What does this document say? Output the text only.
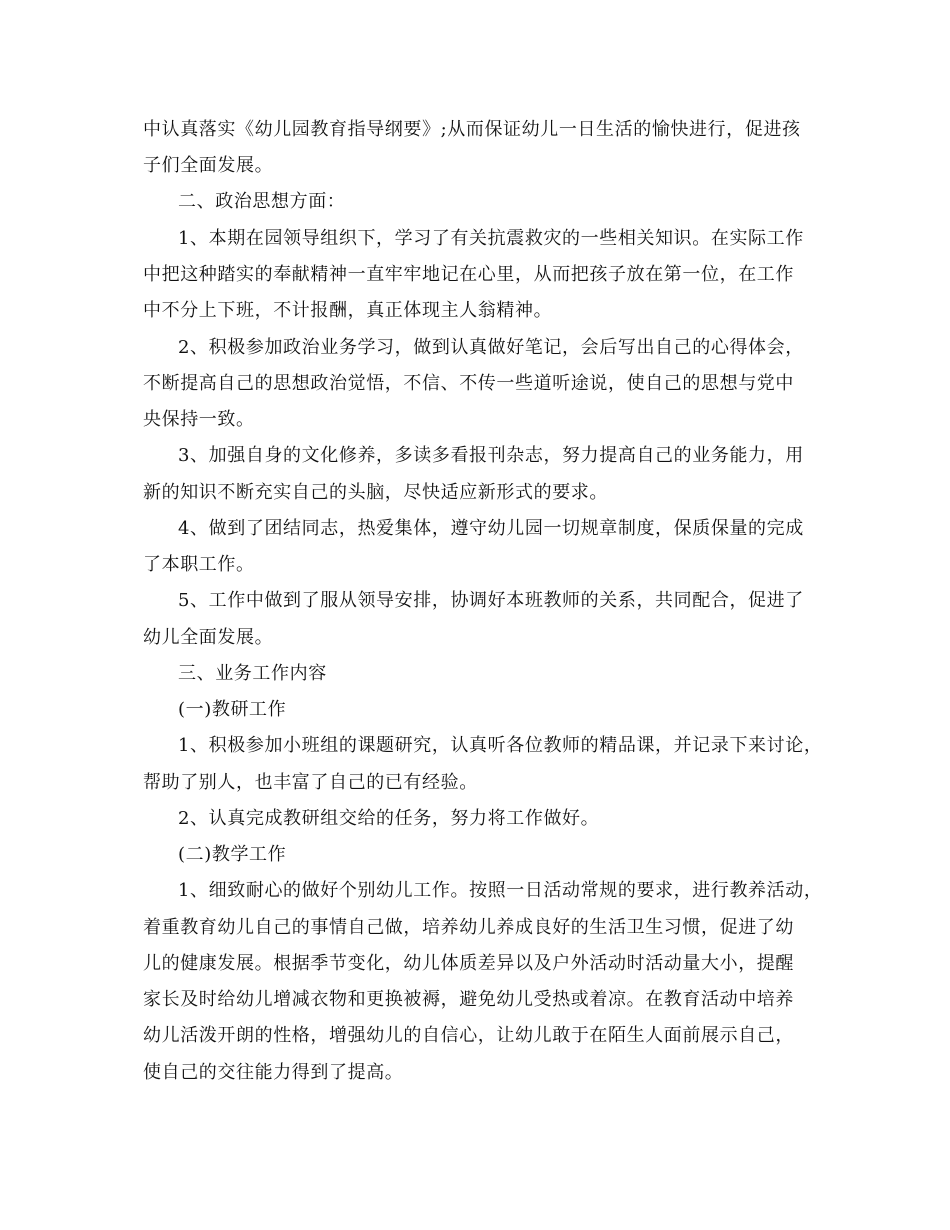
中认真落实《幼儿园教育指导纲要》;从而保证幼儿一日生活的愉快进行，促进孩
子们全面发展。
二、政治思想方面：
1、本期在园领导组织下，学习了有关抗震救灾的一些相关知识。在实际工作
中把这种踏实的奉献精神一直牢牢地记在心里，从而把孩子放在第一位，在工作
中不分上下班，不计报酬，真正体现主人翁精神。
2、积极参加政治业务学习，做到认真做好笔记，会后写出自己的心得体会，
不断提高自己的思想政治觉悟，不信、不传一些道听途说，使自己的思想与党中
央保持一致。
3、加强自身的文化修养，多读多看报刊杂志，努力提高自己的业务能力，用
新的知识不断充实自己的头脑，尽快适应新形式的要求。
4、做到了团结同志，热爱集体，遵守幼儿园一切规章制度，保质保量的完成
了本职工作。
5、工作中做到了服从领导安排，协调好本班教师的关系，共同配合，促进了
幼儿全面发展。
三、业务工作内容
(一)教研工作
1、积极参加小班组的课题研究，认真听各位教师的精品课，并记录下来讨论，
帮助了别人，也丰富了自己的已有经验。
2、认真完成教研组交给的任务，努力将工作做好。
(二)教学工作
1、细致耐心的做好个别幼儿工作。按照一日活动常规的要求，进行教养活动，
着重教育幼儿自己的事情自己做，培养幼儿养成良好的生活卫生习惯，促进了幼
儿的健康发展。根据季节变化，幼儿体质差异以及户外活动时活动量大小，提醒
家长及时给幼儿增减衣物和更换被褥，避免幼儿受热或着凉。在教育活动中培养
幼儿活泼开朗的性格，增强幼儿的自信心，让幼儿敢于在陌生人面前展示自己，
使自己的交往能力得到了提高。
